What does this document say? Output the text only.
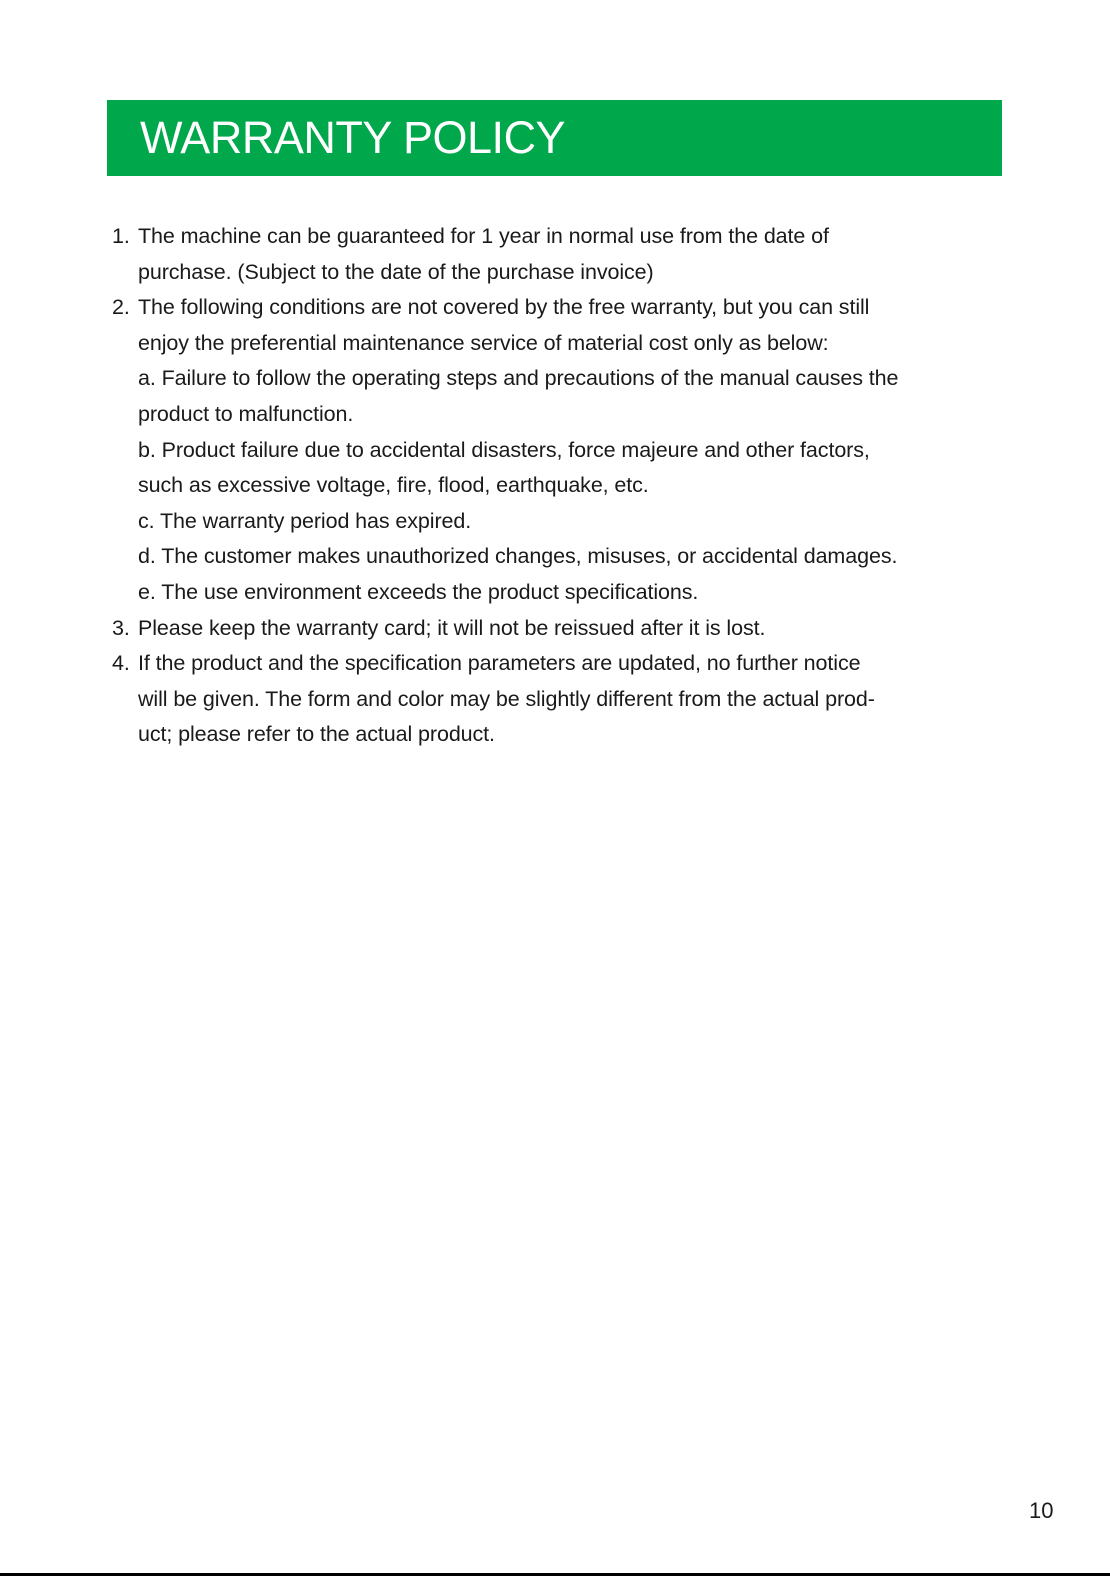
WARRANTY POLICY
1. The machine can be guaranteed for 1 year in normal use from the date of
purchase. (Subject to the date of the purchase invoice)
2. The following conditions are not covered by the free warranty, but you can still
enjoy the preferential maintenance service of material cost only as below:
a. Failure to follow the operating steps and precautions of the manual causes the
product to malfunction.
b. Product failure due to accidental disasters, force majeure and other factors,
such as excessive voltage, fire, flood, earthquake, etc.
c. The warranty period has expired.
d. The customer makes unauthorized changes, misuses, or accidental damages.
e. The use environment exceeds the product specifications.
3. Please keep the warranty card; it will not be reissued after it is lost.
4. If the product and the specification parameters are updated, no further notice
will be given. The form and color may be slightly different from the actual prod-
uct; please refer to the actual product.
10
